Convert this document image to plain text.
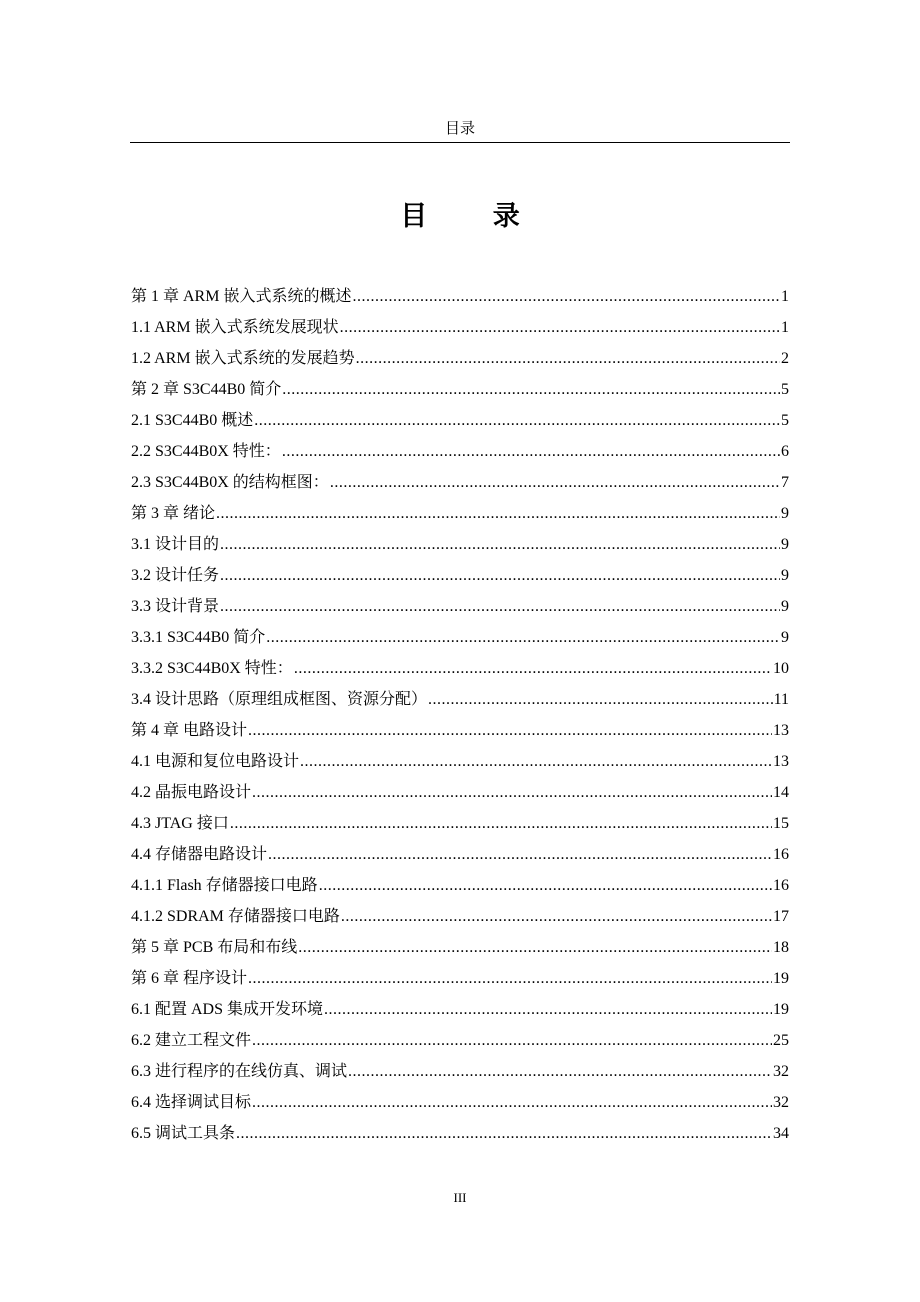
目录
目 录
第 1 章 ARM 嵌入式系统的概述 .....	1
1.1 ARM 嵌入式系统发展现状 .....	1
1.2 ARM 嵌入式系统的发展趋势 .....	2
第 2 章 S3C44B0 简介 .....	5
2.1 S3C44B0 概述 .....	5
2.2 S3C44B0X 特性： .....	6
2.3 S3C44B0X 的结构框图： .....	7
第 3 章 绪论 .....	9
3.1 设计目的 .....	9
3.2 设计任务 .....	9
3.3 设计背景 .....	9
3.3.1 S3C44B0 简介 .....	9
3.3.2 S3C44B0X 特性： .....	10
3.4 设计思路（原理组成框图、资源分配） .....	11
第 4 章 电路设计 .....	13
4.1 电源和复位电路设计 .....	13
4.2 晶振电路设计 .....	14
4.3 JTAG 接口 .....	15
4.4 存储器电路设计 .....	16
4.1.1 Flash 存储器接口电路 .....	16
4.1.2 SDRAM 存储器接口电路 .....	17
第 5 章 PCB 布局和布线 .....	18
第 6 章 程序设计 .....	19
6.1 配置 ADS 集成开发环境 .....	19
6.2 建立工程文件 .....	25
6.3 进行程序的在线仿真、调试 .....	32
6.4 选择调试目标 .....	32
6.5 调试工具条 .....	34
III
